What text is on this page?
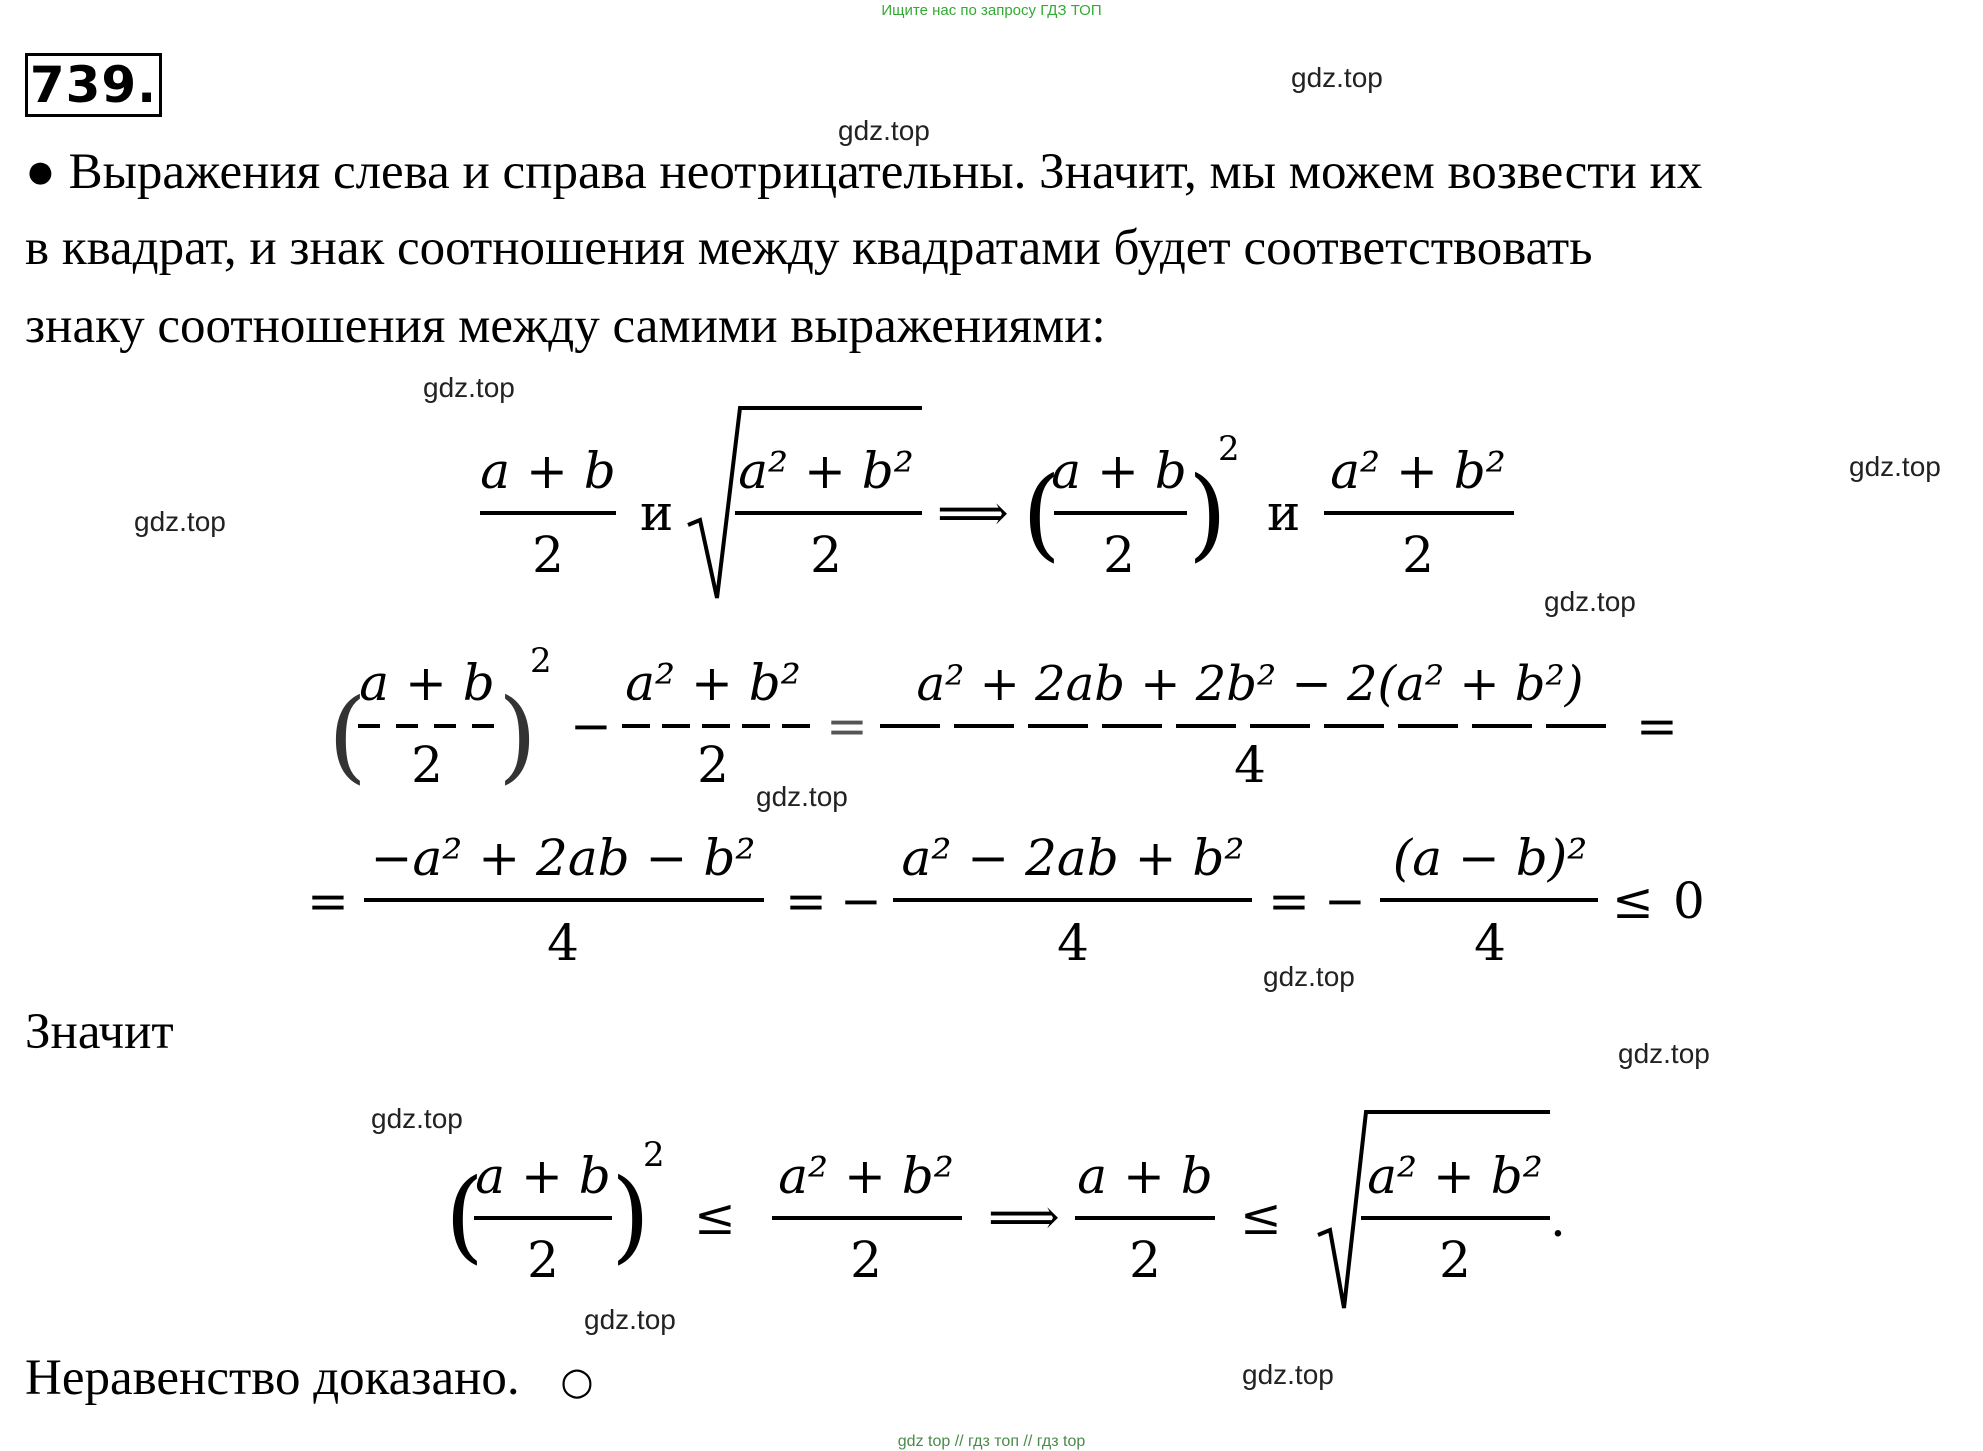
Ищите нас по запросу ГДЗ ТОП
739.	gdz.top
gdz.top
gdz.top
gdz.top
gdz.top
gdz.top
gdz.top
gdz.top
gdz.top
gdz.top
gdz.top
gdz.top
● Выражения слева и справа неотрицательны. Значит, мы можем возвести их
в квадрат, и знак соотношения между квадратами будет соответствовать
знаку соотношения между самими выражениями:
a + b
2
и
a² + b²
2
⟹ (
a + b
2 )
2
и
a² + b²
2
(
a + b
2 )
2
−
a² + b²
2
=
a² + 2ab + 2b² − 2(a² + b²)
4
=
=
−a² + 2ab − b²
4
= −
a² − 2ab + b²
4
= −
(a − b)²
4
≤ 0
(
a + b
2 )
2
≤
a² + b²
2
⟹
a + b
2
≤
a² + b²
2
.
Значит
Неравенство доказано. ○
gdz top // гдз топ // гдз top
